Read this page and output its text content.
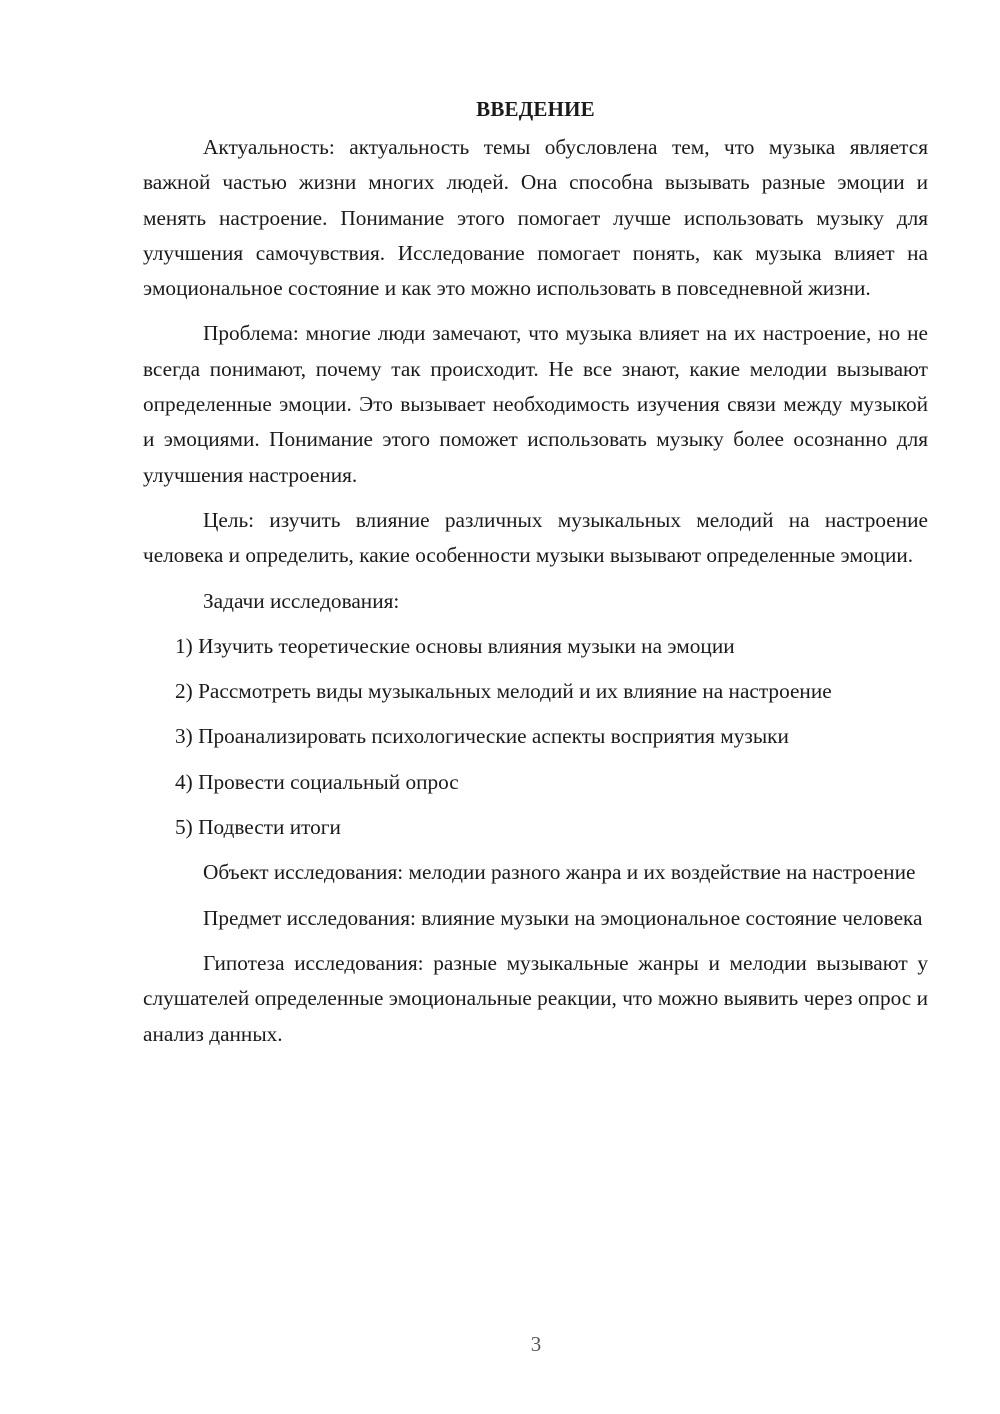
ВВЕДЕНИЕ

Актуальность: актуальность темы обусловлена тем, что музыка является важной частью жизни многих людей. Она способна вызывать разные эмоции и менять настроение. Понимание этого помогает лучше использовать музыку для улучшения самочувствия. Исследование помогает понять, как музыка влияет на эмоциональное состояние и как это можно использовать в повседневной жизни.

Проблема: многие люди замечают, что музыка влияет на их настроение, но не всегда понимают, почему так происходит. Не все знают, какие мелодии вызывают определенные эмоции. Это вызывает необходимость изучения связи между музыкой и эмоциями. Понимание этого поможет использовать музыку более осознанно для улучшения настроения.

Цель: изучить влияние различных музыкальных мелодий на настроение человека и определить, какие особенности музыки вызывают определенные эмоции.

Задачи исследования:

1) Изучить теоретические основы влияния музыки на эмоции

2) Рассмотреть виды музыкальных мелодий и их влияние на настроение

3) Проанализировать психологические аспекты восприятия музыки

4) Провести социальный опрос

5) Подвести итоги

Объект исследования: мелодии разного жанра и их воздействие на настроение

Предмет исследования: влияние музыки на эмоциональное состояние человека

Гипотеза исследования: разные музыкальные жанры и мелодии вызывают у слушателей определенные эмоциональные реакции, что можно выявить через опрос и анализ данных.

3
